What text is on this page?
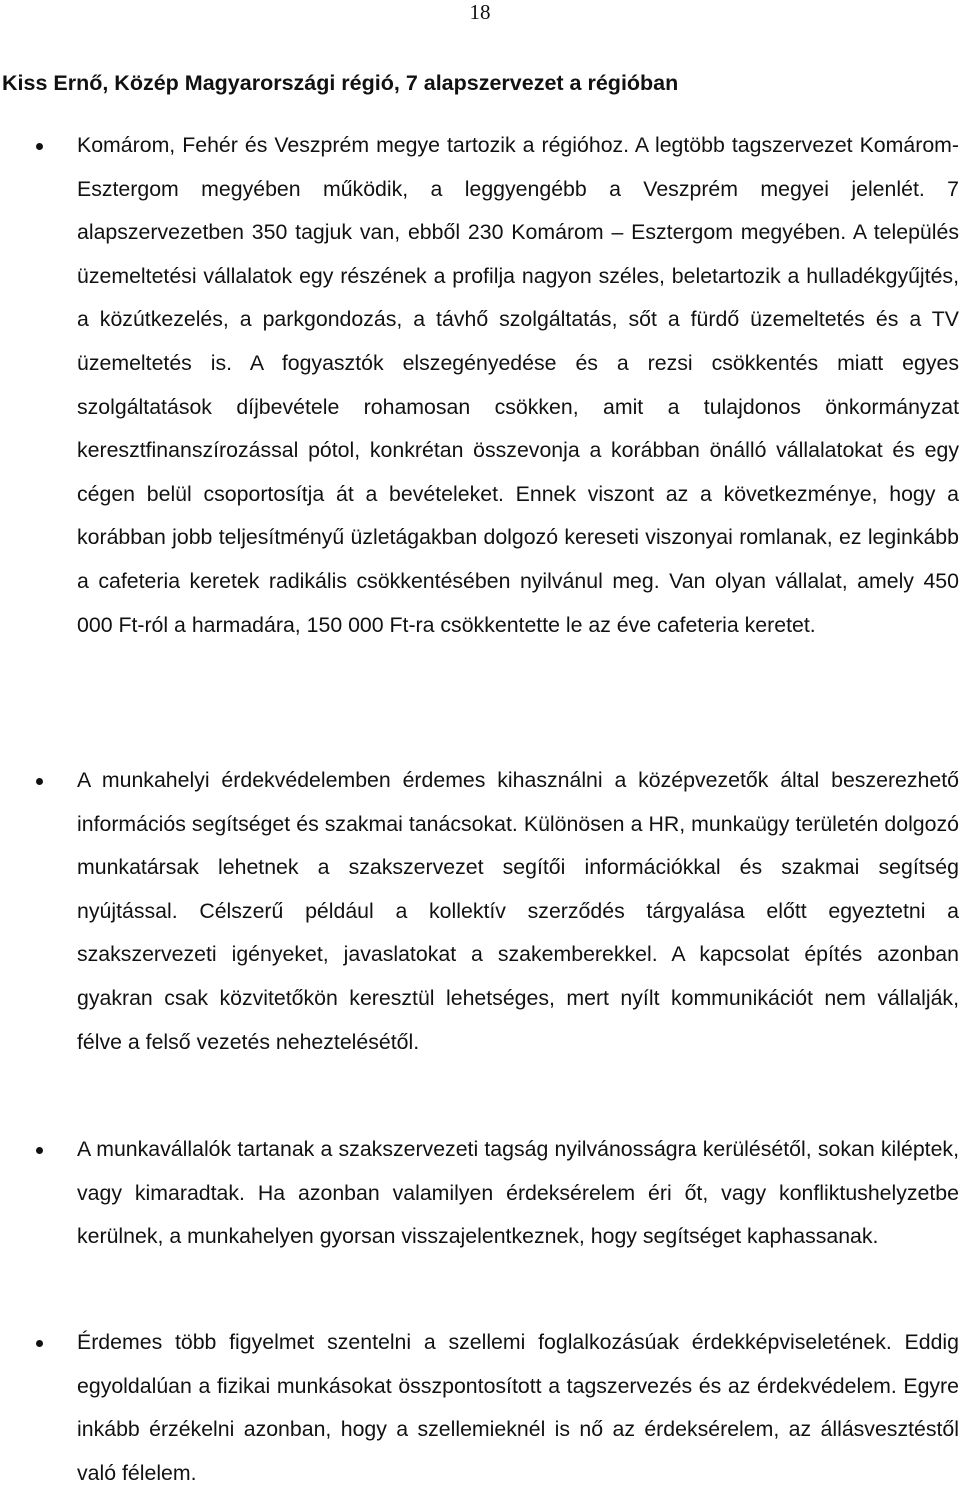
18
Kiss Ernő, Közép Magyarországi régió, 7 alapszervezet a régióban
Komárom, Fehér és Veszprém megye tartozik a régióhoz. A legtöbb tagszervezet Komárom-Esztergom megyében működik, a leggyengébb a Veszprém megyei jelenlét. 7 alapszervezetben 350 tagjuk van, ebből 230 Komárom – Esztergom megyében. A település üzemeltetési vállalatok egy részének a profilja nagyon széles, beletartozik a hulladékgyűjtés, a közútkezelés, a parkgondozás, a távhő szolgáltatás, sőt a fürdő üzemeltetés és a TV üzemeltetés is. A fogyasztók elszegényedése és a rezsi csökkentés miatt egyes szolgáltatások díjbevétele rohamosan csökken, amit a tulajdonos önkormányzat keresztfinanszírozással pótol, konkrétan összevonja a korábban önálló vállalatokat és egy cégen belül csoportosítja át a bevételeket. Ennek viszont az a következménye, hogy a korábban jobb teljesítményű üzletágakban dolgozó kereseti viszonyai romlanak, ez leginkább a cafeteria keretek radikális csökkentésében nyilvánul meg. Van olyan vállalat, amely 450 000 Ft-ról a harmadára, 150 000 Ft-ra csökkentette le az éve cafeteria keretet.
A munkahelyi érdekvédelemben érdemes kihasználni a középvezetők által beszerezhető információs segítséget és szakmai tanácsokat. Különösen a HR, munkaügy területén dolgozó munkatársak lehetnek a szakszervezet segítői információkkal és szakmai segítség nyújtással. Célszerű például a kollektív szerződés tárgyalása előtt egyeztetni a szakszervezeti igényeket, javaslatokat a szakemberekkel. A kapcsolat építés azonban gyakran csak közvitetőkön keresztül lehetséges, mert nyílt kommunikációt nem vállalják, félve a felső vezetés neheztelésétől.
A munkavállalók tartanak a szakszervezeti tagság nyilvánosságra kerülésétől, sokan kiléptek, vagy kimaradtak. Ha azonban valamilyen érdeksérelem éri őt, vagy konfliktushelyzetbe kerülnek, a munkahelyen gyorsan visszajelentkeznek, hogy segítséget kaphassanak.
Érdemes több figyelmet szentelni a szellemi foglalkozásúak érdekképviseletének. Eddig egyoldalúan a fizikai munkásokat összpontosított a tagszervezés és az érdekvédelem. Egyre inkább érzékelni azonban, hogy a szellemieknél is nő az érdeksérelem, az állásvesztéstől való félelem.
